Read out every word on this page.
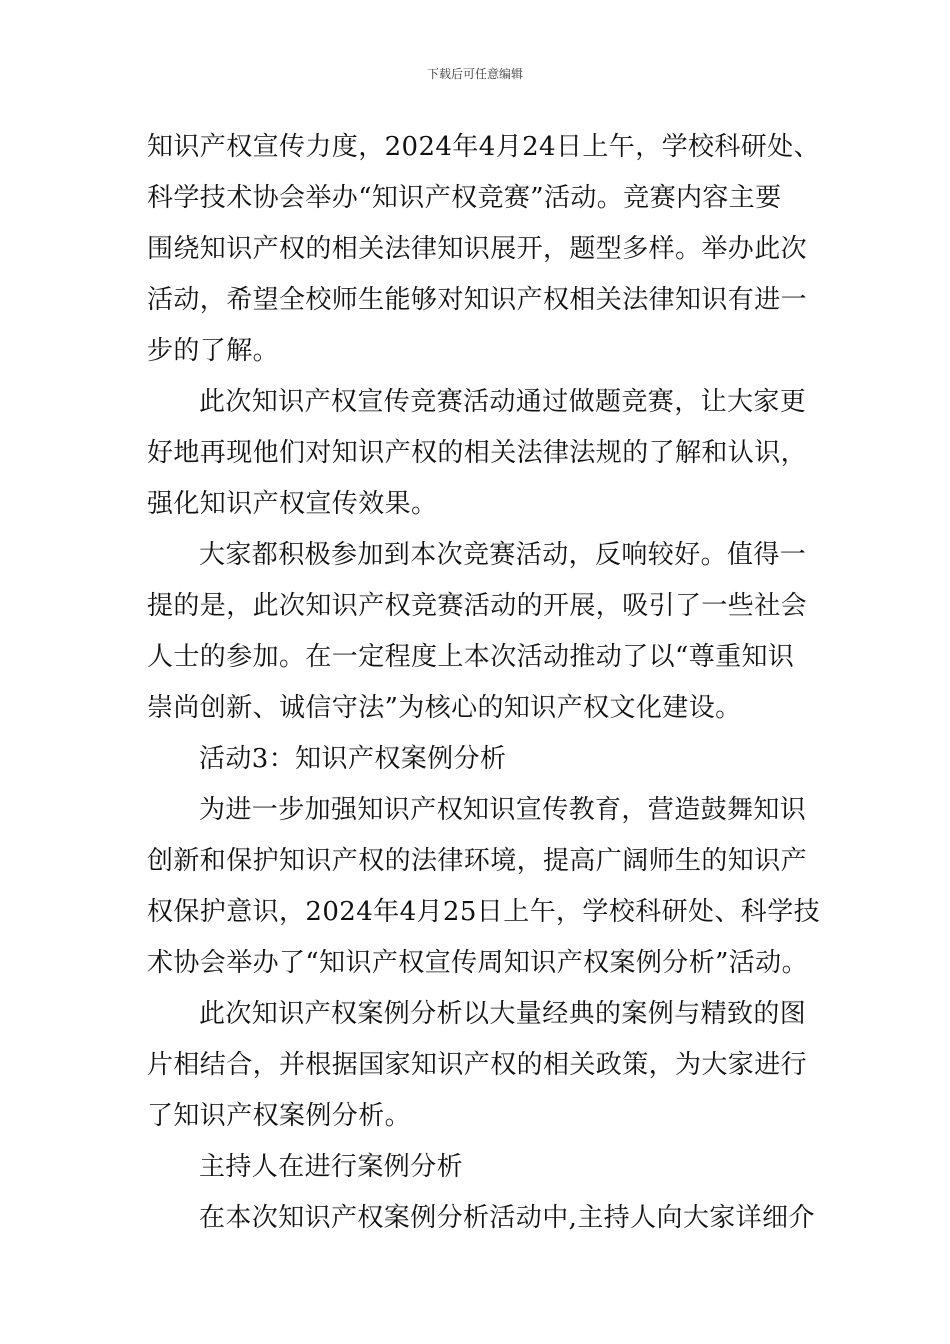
下载后可任意编辑
知识产权宣传力度，2024年4月24日上午，学校科研处、
科学技术协会举办“知识产权竞赛”活动。竞赛内容主要
围绕知识产权的相关法律知识展开，题型多样。举办此次
活动，希望全校师生能够对知识产权相关法律知识有进一
步的了解。
此次知识产权宣传竞赛活动通过做题竞赛，让大家更
好地再现他们对知识产权的相关法律法规的了解和认识，
强化知识产权宣传效果。
大家都积极参加到本次竞赛活动，反响较好。值得一
提的是，此次知识产权竞赛活动的开展，吸引了一些社会
人士的参加。在一定程度上本次活动推动了以“尊重知识
崇尚创新、诚信守法”为核心的知识产权文化建设。
活动3：知识产权案例分析
为进一步加强知识产权知识宣传教育，营造鼓舞知识
创新和保护知识产权的法律环境，提高广阔师生的知识产
权保护意识，2024年4月25日上午，学校科研处、科学技
术协会举办了“知识产权宣传周知识产权案例分析”活动。
此次知识产权案例分析以大量经典的案例与精致的图
片相结合，并根据国家知识产权的相关政策，为大家进行
了知识产权案例分析。
主持人在进行案例分析
在本次知识产权案例分析活动中,主持人向大家详细介
